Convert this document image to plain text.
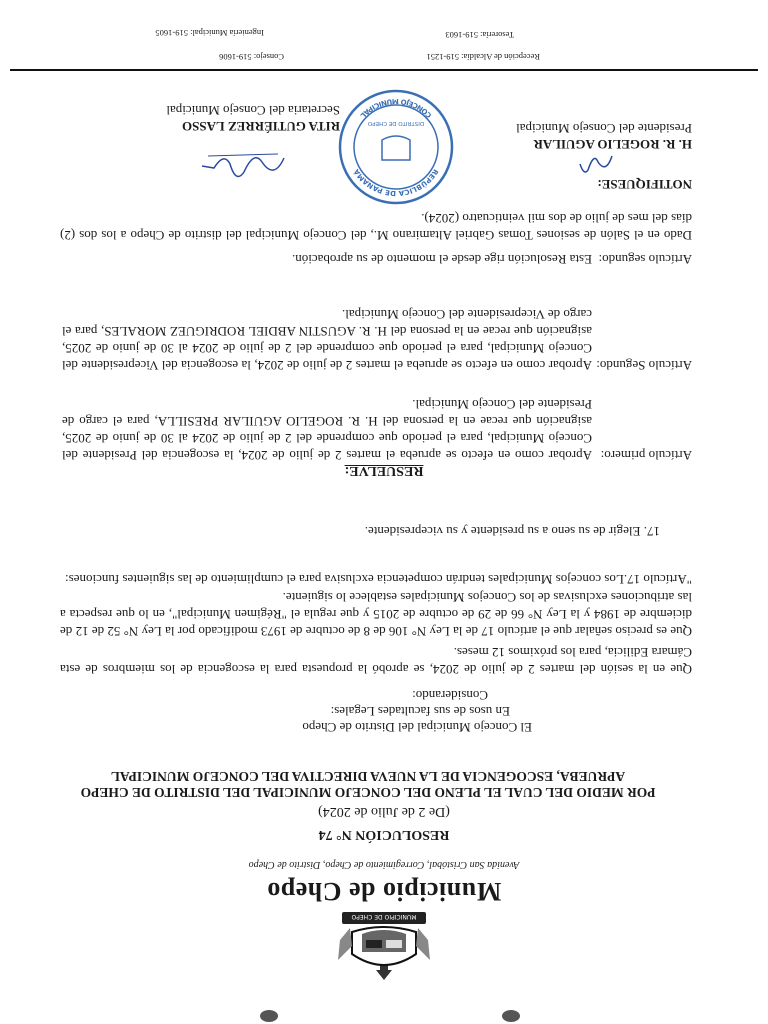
MUNICIPIO DE CHEPO
Municipio de Chepo
Avenida San Cristóbal, Corregimiento de Chepo, Distrito de Chepo
RESOLUCIÓN N° 74
(De 2 de Julio de 2024)
POR MEDIO DEL CUAL EL PLENO DEL CONCEJO MUNICIPAL DEL DISTRITO DE CHEPO APRUEBA, ESCOGENCIA DE LA NUEVA DIRECTIVA DEL CONCEJO MUNICIPAL
El Concejo Municipal del Distrito de Chepo
En usos de sus facultades Legales:
Considerando:
Que en la sesión del martes 2 de julio de 2024, se aprobó la propuesta para la escogencia de los miembros de esta Cámara Edilicia, para los próximos 12 meses.
Que es preciso señalar que el artículo 17 de la Ley N° 106 de 8 de octubre de 1973 modificado por la Ley N° 52 de 12 de diciembre de 1984 y la Ley N° 66 de 29 de octubre de 2015 y que regula el "Régimen Municipal", en lo que respecta a las atribuciones exclusivas de los Concejos Municipales establece lo siguiente.
"Artículo 17.Los concejos Municipales tendrán competencia exclusiva para el cumplimiento de las siguientes funciones:
17. Elegir de su seno a su presidente y su vicepresidente.
RESUELVE:
Artículo primero:
Aprobar como en efecto se aprueba el martes 2 de julio de 2024, la escogencia del Presidente del Concejo Municipal, para el periodo que comprende del 2 de julio de 2024 al 30 de junio de 2025, asignación que recae en la persona del H. R. ROGELIO AGUILAR PRESILLA, para el cargo de Presidente del Concejo Municipal.
Artículo Segundo:
Aprobar como en efecto se aprueba el martes 2 de julio de 2024, la escogencia del Vicepresidente del Concejo Municipal, para el periodo que comprende del 2 de julio de 2024 al 30 de junio de 2025, asignación que recae en la persona del H. R. AGUSTIN ABDIEL RODRIGUEZ MORALES, para el cargo de Vicepresidente del Concejo Municipal.
Artículo segundo:
Esta Resolución rige desde el momento de su aprobación.
Dado en el Salón de sesiones Tomas Gabriel Altamirano M., del Concejo Municipal del distrito de Chepo a los dos (2) días del mes de julio de dos mil veinticuatro (2024).
NOTIFIQUESE:
REPÚBLICA DE PANAMÁ
CONCEJO MUNICIPAL
DISTRITO DE CHEPO
H. R. ROGELIO AGUILAR
Presidente del Consejo Municipal
RITA GUTIÉRREZ LASSO
Secretaria del Consejo Municipal
Recepción de Alcaldía: 519-1251
Consejo: 519-1606
Tesorería: 519-1603
Ingeniería Municipal: 519-1605
